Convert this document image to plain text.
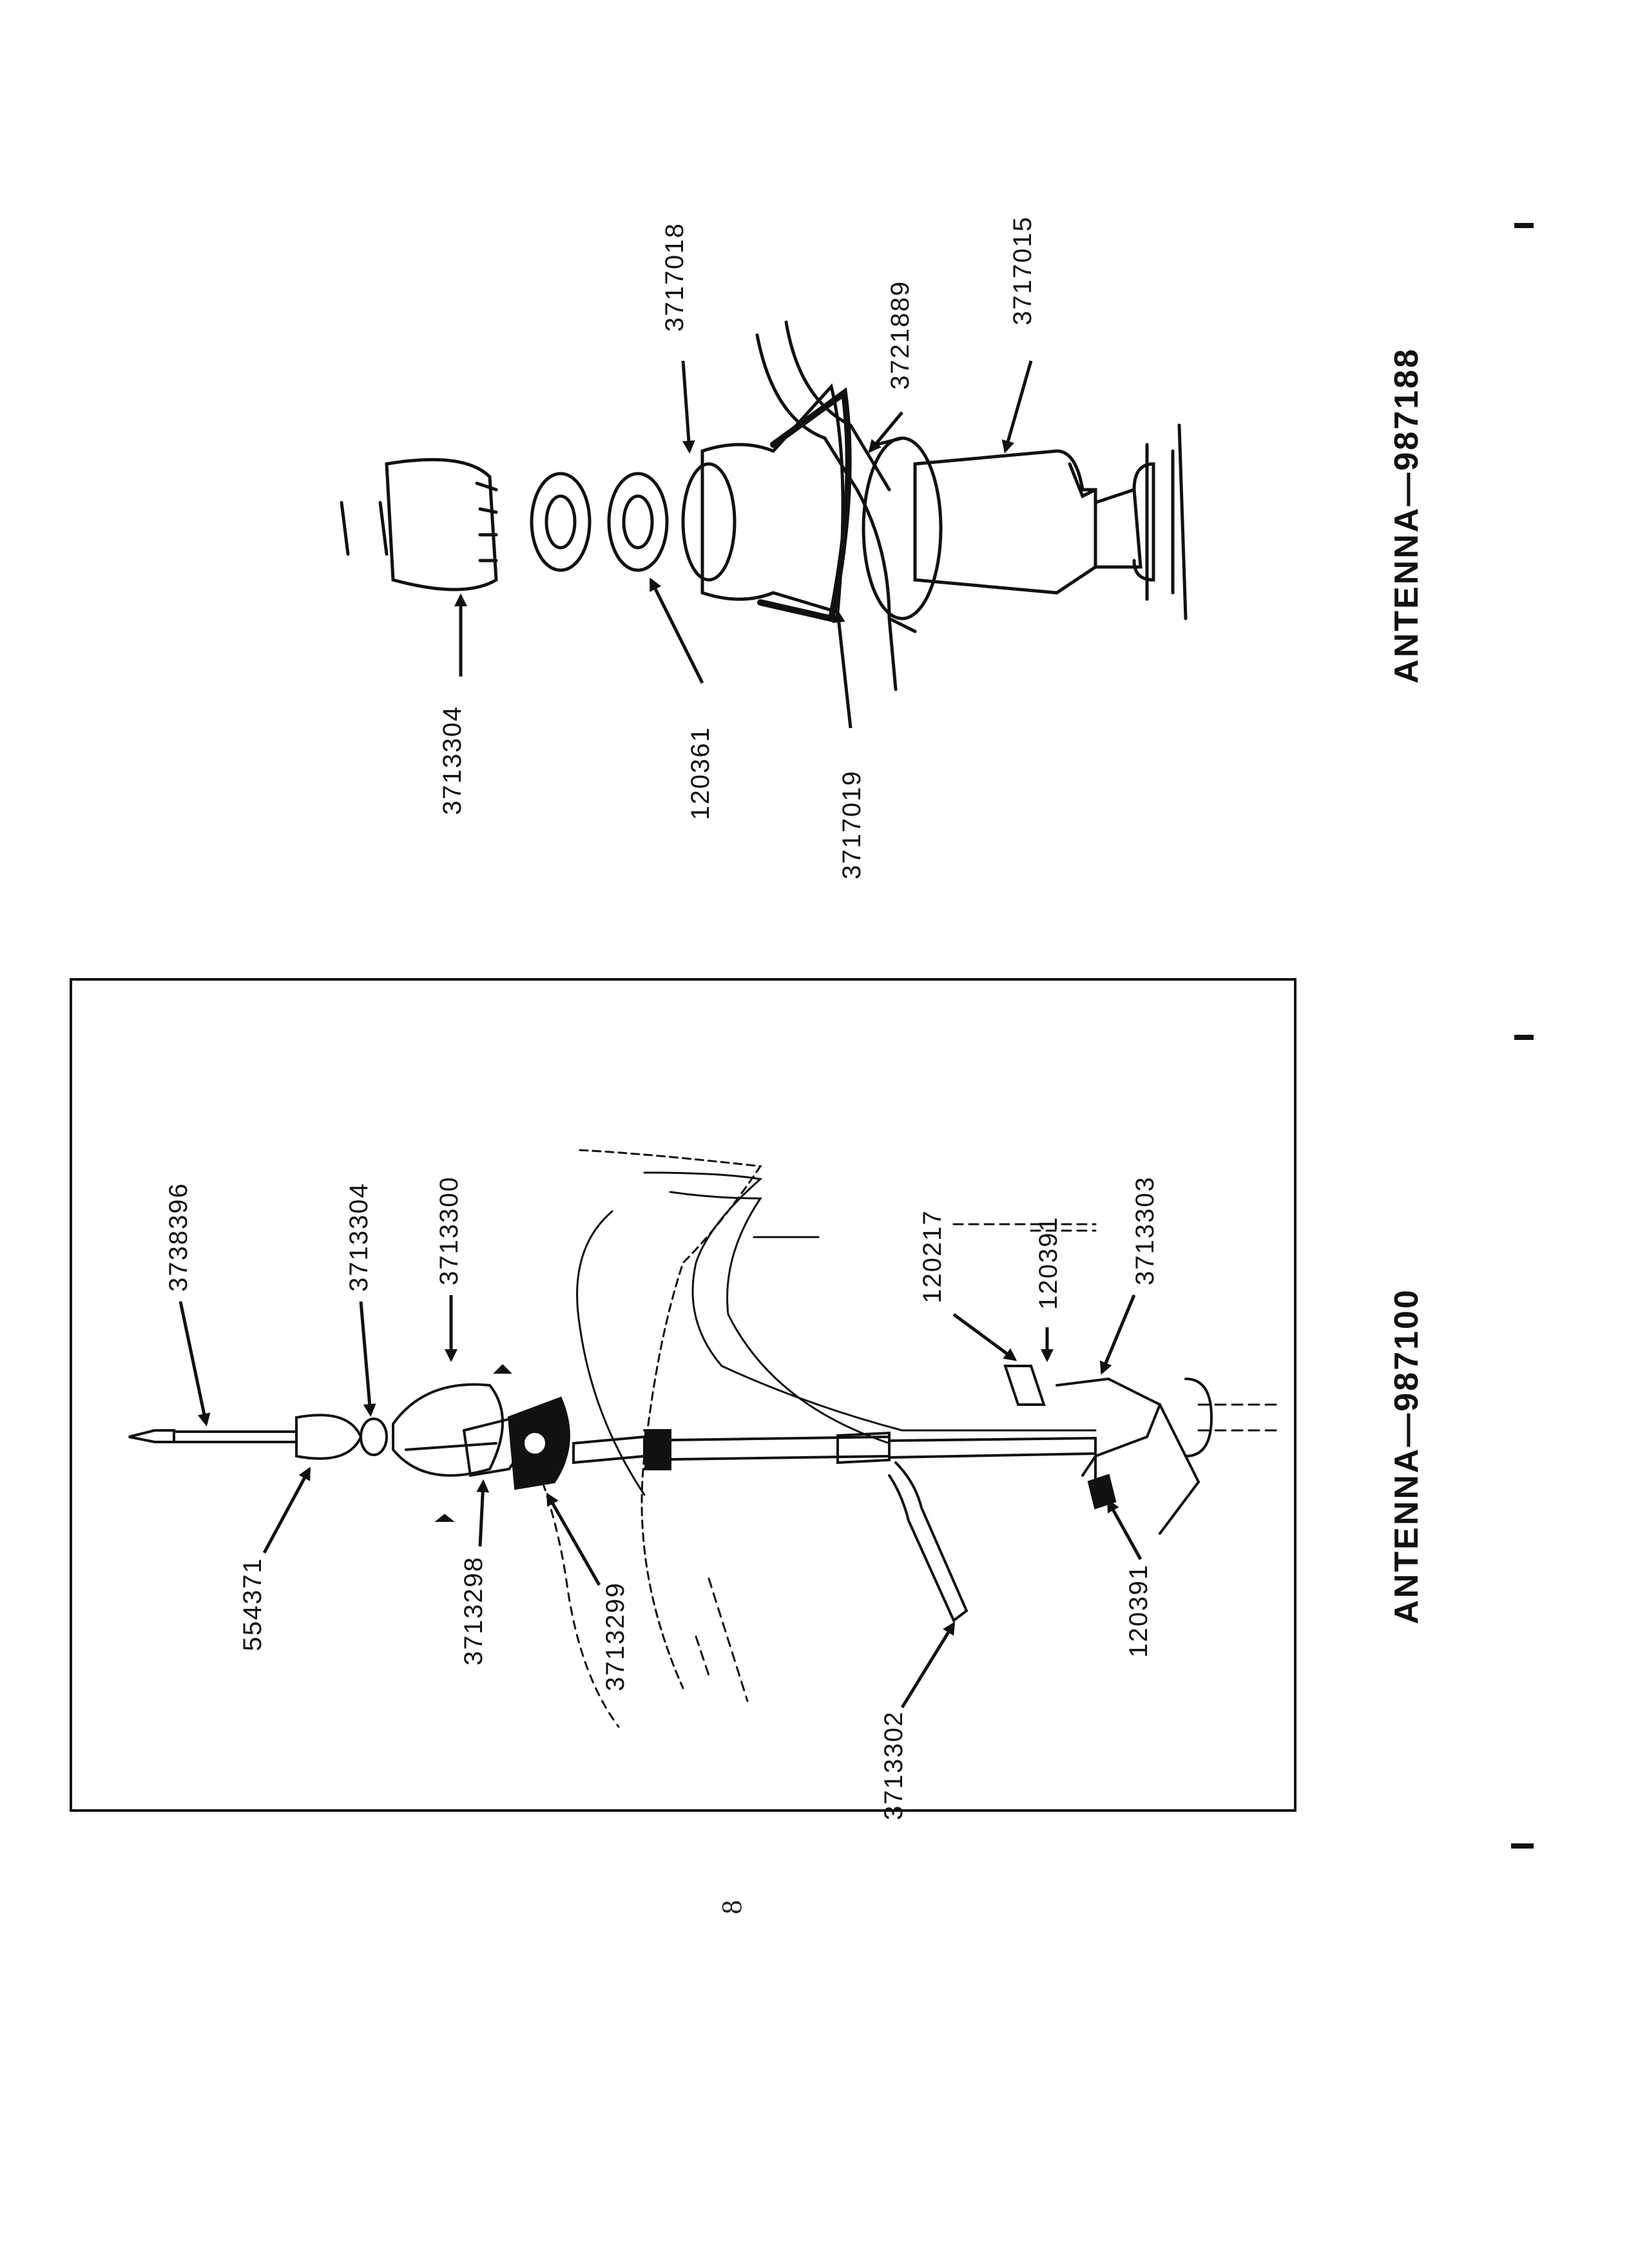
3713304	120361
3717018
3717019
3721889
3717015
ANTENNA—987188
3738396
554371
3713304 3713300
3713298	3713299
3713302
120217	120391	3713303
120391	ANTENNA—987100
8
